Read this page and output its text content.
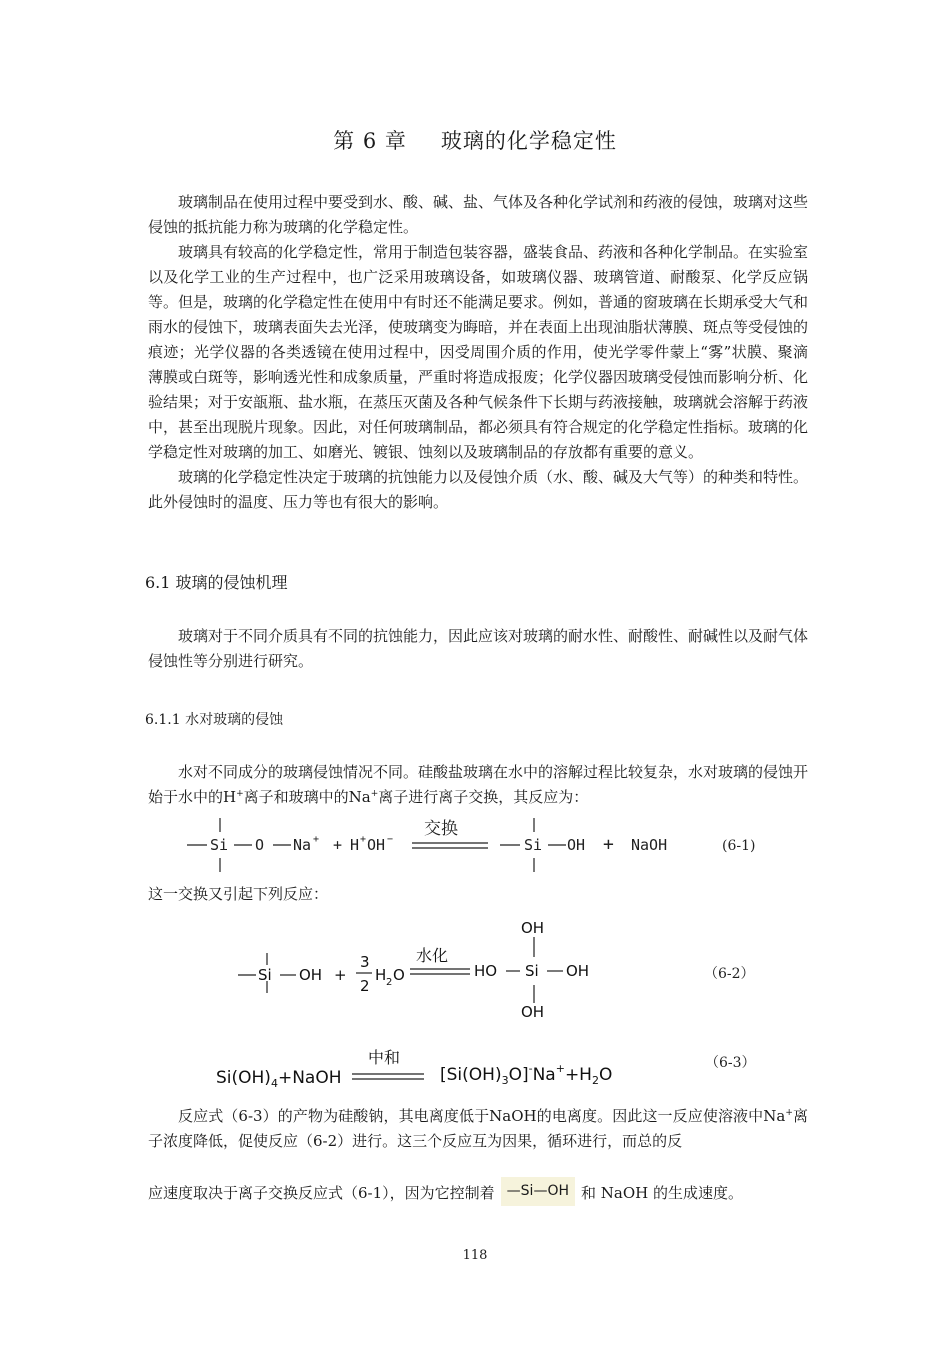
第 6 章 玻璃的化学稳定性

玻璃制品在使用过程中要受到水、酸、碱、盐、气体及各种化学试剂和药液的侵蚀，玻璃对这些侵蚀的抵抗能力称为玻璃的化学稳定性。

玻璃具有较高的化学稳定性，常用于制造包装容器，盛装食品、药液和各种化学制品。在实验室以及化学工业的生产过程中，也广泛采用玻璃设备，如玻璃仪器、玻璃管道、耐酸泵、化学反应锅等。但是，玻璃的化学稳定性在使用中有时还不能满足要求。例如，普通的窗玻璃在长期承受大气和雨水的侵蚀下，玻璃表面失去光泽，使玻璃变为晦暗，并在表面上出现油脂状薄膜、斑点等受侵蚀的痕迹；光学仪器的各类透镜在使用过程中，因受周围介质的作用，使光学零件蒙上“雾”状膜、聚滴薄膜或白斑等，影响透光性和成象质量，严重时将造成报废；化学仪器因玻璃受侵蚀而影响分析、化验结果；对于安瓿瓶、盐水瓶，在蒸压灭菌及各种气候条件下长期与药液接触，玻璃就会溶解于药液中，甚至出现脱片现象。因此，对任何玻璃制品，都必须具有符合规定的化学稳定性指标。玻璃的化学稳定性对玻璃的加工、如磨光、镀银、蚀刻以及玻璃制品的存放都有重要的意义。

玻璃的化学稳定性决定于玻璃的抗蚀能力以及侵蚀介质（水、酸、碱及大气等）的种类和特性。此外侵蚀时的温度、压力等也有很大的影响。

6.1 玻璃的侵蚀机理

玻璃对于不同介质具有不同的抗蚀能力，因此应该对玻璃的耐水性、耐酸性、耐碱性以及耐气体侵蚀性等分别进行研究。

6.1.1 水对玻璃的侵蚀

水对不同成分的玻璃侵蚀情况不同。硅酸盐玻璃在水中的溶解过程比较复杂，水对玻璃的侵蚀开始于水中的H+离子和玻璃中的Na+离子进行离子交换，其反应为：

Si O Na + + H + OH −
交换
Si OH + NaOH	(6-1)

这一交换又引起下列反应：

Si OH +
3
2
H 2 O
水化
HO Si OH
OH
OH
（6-2）
$Si(OH)_4+NaOH$
中和
$[Si(OH)_3O]^-Na^++H_2O$
（6-3）

反应式（6-3）的产物为硅酸钠，其电离度低于NaOH的电离度。因此这一反应使溶液中Na+离子浓度降低，促使反应（6-2）进行。这三个反应互为因果，循环进行，而总的反

应速度取决于离子交换反应式（6-1），因为它控制着 —Si—OH 和 NaOH 的生成速度。

118
